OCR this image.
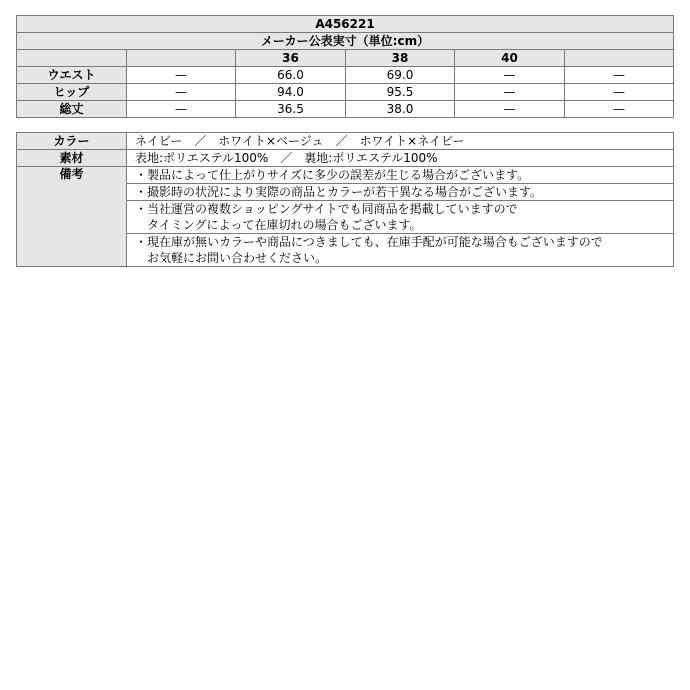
A456221					
メーカー公表実寸（単位:cm）					
		36	38	40	
ウエスト	—	66.0	69.0	—	—
ヒップ	—	94.0	95.5	—	—
総丈	—	36.5	38.0	—	—
カラー	ネイビー　／　ホワイト×ベージュ　／　ホワイト×ネイビー
素材	表地:ポリエステル100%　／　裏地:ポリエステル100%
備考	・製品によって仕上がりサイズに多少の誤差が生じる場合がございます。

	・撮影時の状況により実際の商品とカラーが若干異なる場合がございます。

	・当社運営の複数ショッピングサイトでも同商品を掲載していますので
　タイミングによって在庫切れの場合もございます。

	・現在庫が無いカラーや商品につきましても、在庫手配が可能な場合もございますので
　お気軽にお問い合わせください。
